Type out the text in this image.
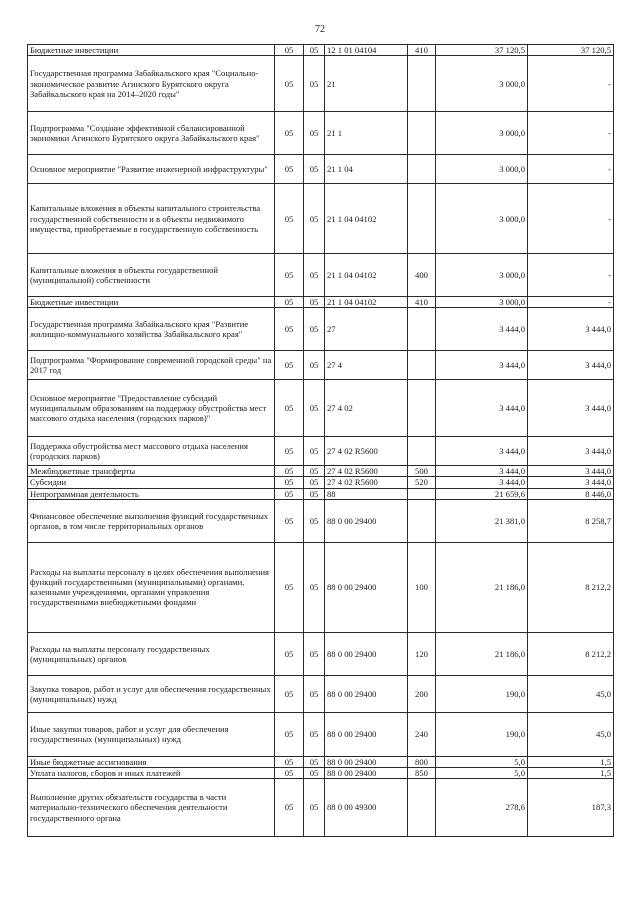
72
Бюджетные инвестиции	05	05	12 1 01 04104	410	37 120,5	37 120,5
Государственная программа Забайкальского края "Социально-экономическое развитие Агинского Бурятского округа Забайкальского края на 2014–2020 годы"	05	05	21		3 000,0	-
Подпрограмма "Создание эффективной сбалансированной экономики Агинского Бурятского округа Забайкальского края"	05	05	21 1		3 000,0	-
Основное мероприятие "Развитие инженерной инфраструктуры"	05	05	21 1 04		3 000,0	-
Капитальные вложения в объекты капитального строительства государственной собственности и в объекты недвижимого имущества, приобретаемые в государственную собственность	05	05	21 1 04 04102		3 000,0	-
Капитальные вложения в объекты государственной (муниципальной) собственности	05	05	21 1 04 04102	400	3 000,0	-
Бюджетные инвестиции	05	05	21 1 04 04102	410	3 000,0	-
Государственная программа Забайкальского края "Развитие жилищно-коммунального хозяйства Забайкальского края"	05	05	27		3 444,0	3 444,0
Подпрограмма "Формирование современной городской среды" на 2017 год	05	05	27 4		3 444,0	3 444,0
Основное мероприятие "Предоставление субсидий муниципальным образованиям на поддержку обустройства мест массового отдыха населения (городских парков)"	05	05	27 4 02		3 444,0	3 444,0
Поддержка обустройства мест массового отдыха населения (городских парков)	05	05	27 4 02 R5600		3 444,0	3 444,0
Межбюджетные трансферты	05	05	27 4 02 R5600	500	3 444,0	3 444,0
Субсидии	05	05	27 4 02 R5600	520	3 444,0	3 444,0
Непрограммная деятельность	05	05	88		21 659,6	8 446,0
Финансовое обеспечение выполнения функций государственных органов, в том числе территориальных органов	05	05	88 0 00 29400		21 381,0	8 258,7
Расходы на выплаты персоналу в целях обеспечения выполнения функций государственными (муниципальными) органами, казенными учреждениями, органами управления государственными внебюджетными фондами	05	05	88 0 00 29400	100	21 186,0	8 212,2
Расходы на выплаты персоналу государственных (муниципальных) органов	05	05	88 0 00 29400	120	21 186,0	8 212,2
Закупка товаров, работ и услуг для обеспечения государственных (муниципальных) нужд	05	05	88 0 00 29400	200	190,0	45,0
Иные закупки товаров, работ и услуг для обеспечения государственных (муниципальных) нужд	05	05	88 0 00 29400	240	190,0	45,0
Иные бюджетные ассигнования	05	05	88 0 00 29400	800	5,0	1,5
Уплата налогов, сборов и иных платежей	05	05	88 0 00 29400	850	5,0	1,5
Выполнение других обязательств государства в части материально-технического обеспечения деятельности государственного органа	05	05	88 0 00 49300		278,6	187,3
